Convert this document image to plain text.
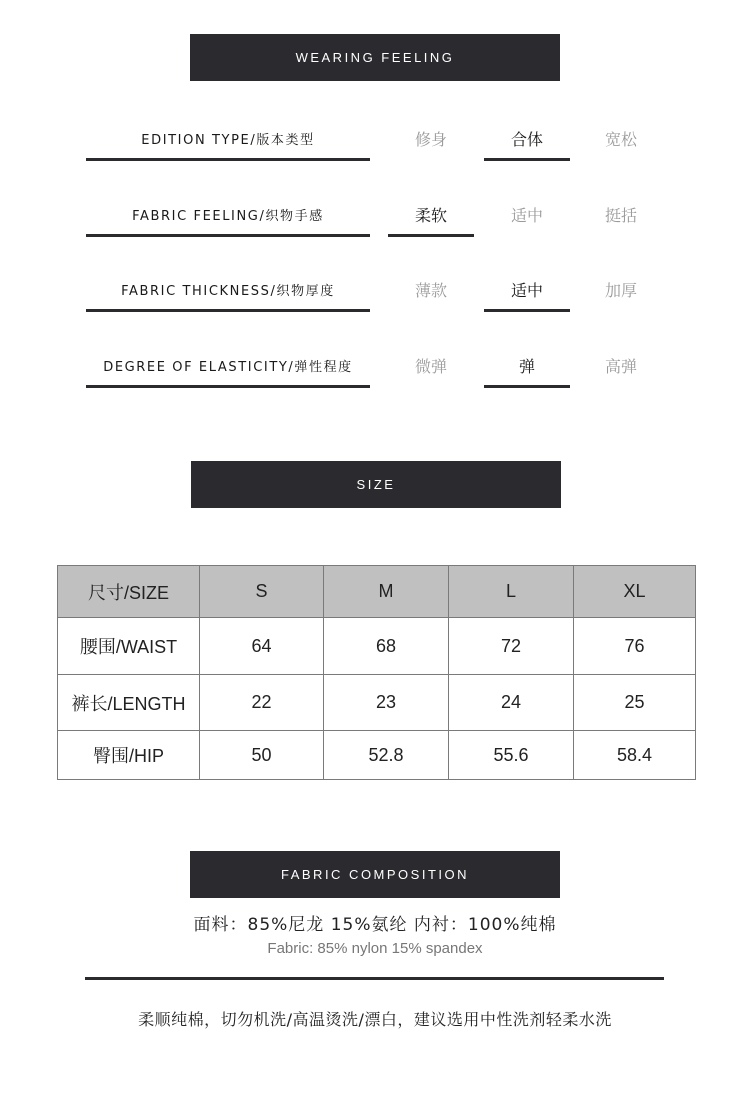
WEARING FEELING
EDITION TYPE/版本类型	修身	合体	宽松
FABRIC FEELING/织物手感	柔软	适中	挺括
FABRIC THICKNESS/织物厚度	薄款	适中	加厚
DEGREE OF ELASTICITY/弹性程度	微弹	弹	高弹
SIZE
尺寸/SIZE	S	M	L	XL
腰围/WAIST	64	68	72	76
裤长/LENGTH	22	23	24	25
臀围/HIP	50	52.8	55.6	58.4
FABRIC COMPOSITION
面料：85%尼龙 15%氨纶 内衬：100%纯棉
Fabric: 85% nylon 15% spandex
柔顺纯棉，切勿机洗/高温烫洗/漂白，建议选用中性洗剂轻柔水洗
